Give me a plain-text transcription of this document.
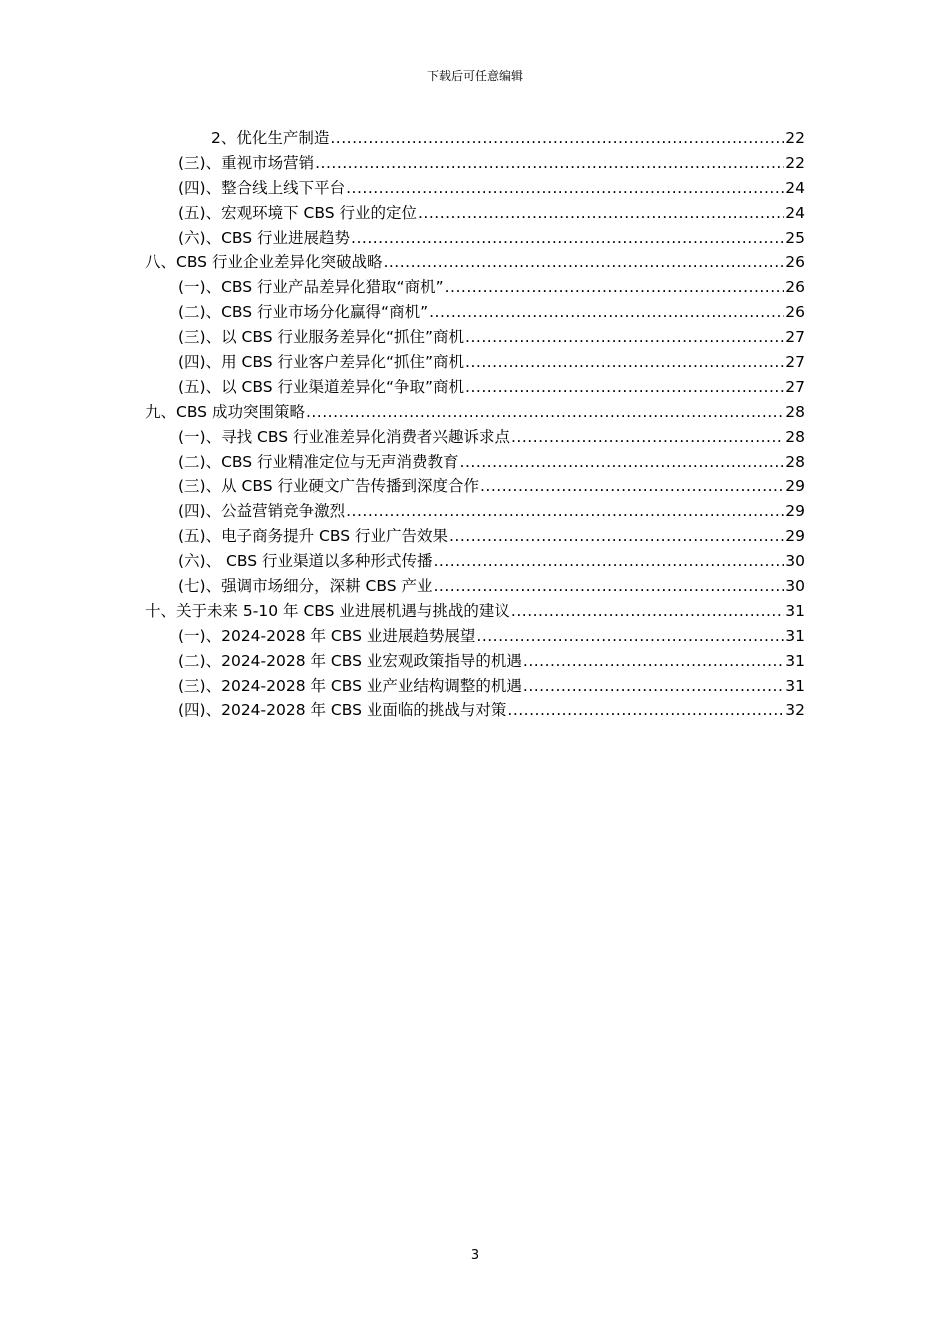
下载后可任意编辑
2、优化生产制造 .....	22
(三)、重视市场营销 .....	22
(四)、整合线上线下平台 .....	24
(五)、宏观环境下 CBS 行业的定位 .....	24
(六)、CBS 行业进展趋势 .....	25
八、CBS 行业企业差异化突破战略 .....	26
(一)、CBS 行业产品差异化猎取“商机” .....	26
(二)、CBS 行业市场分化赢得“商机” .....	26
(三)、以 CBS 行业服务差异化“抓住”商机 .....	27
(四)、用 CBS 行业客户差异化“抓住”商机 .....	27
(五)、以 CBS 行业渠道差异化“争取”商机 .....	27
九、CBS 成功突围策略 .....	28
(一)、寻找 CBS 行业准差异化消费者兴趣诉求点 .....	28
(二)、CBS 行业精准定位与无声消费教育 .....	28
(三)、从 CBS 行业硬文广告传播到深度合作 .....	29
(四)、公益营销竞争激烈 .....	29
(五)、电子商务提升 CBS 行业广告效果 .....	29
(六)、 CBS 行业渠道以多种形式传播 .....	30
(七)、强调市场细分，深耕 CBS 产业 .....	30
十、关于未来 5-10 年 CBS 业进展机遇与挑战的建议 .....	31
(一)、2024-2028 年 CBS 业进展趋势展望 .....	31
(二)、2024-2028 年 CBS 业宏观政策指导的机遇 .....	31
(三)、2024-2028 年 CBS 业产业结构调整的机遇 .....	31
(四)、2024-2028 年 CBS 业面临的挑战与对策 .....	32
3
